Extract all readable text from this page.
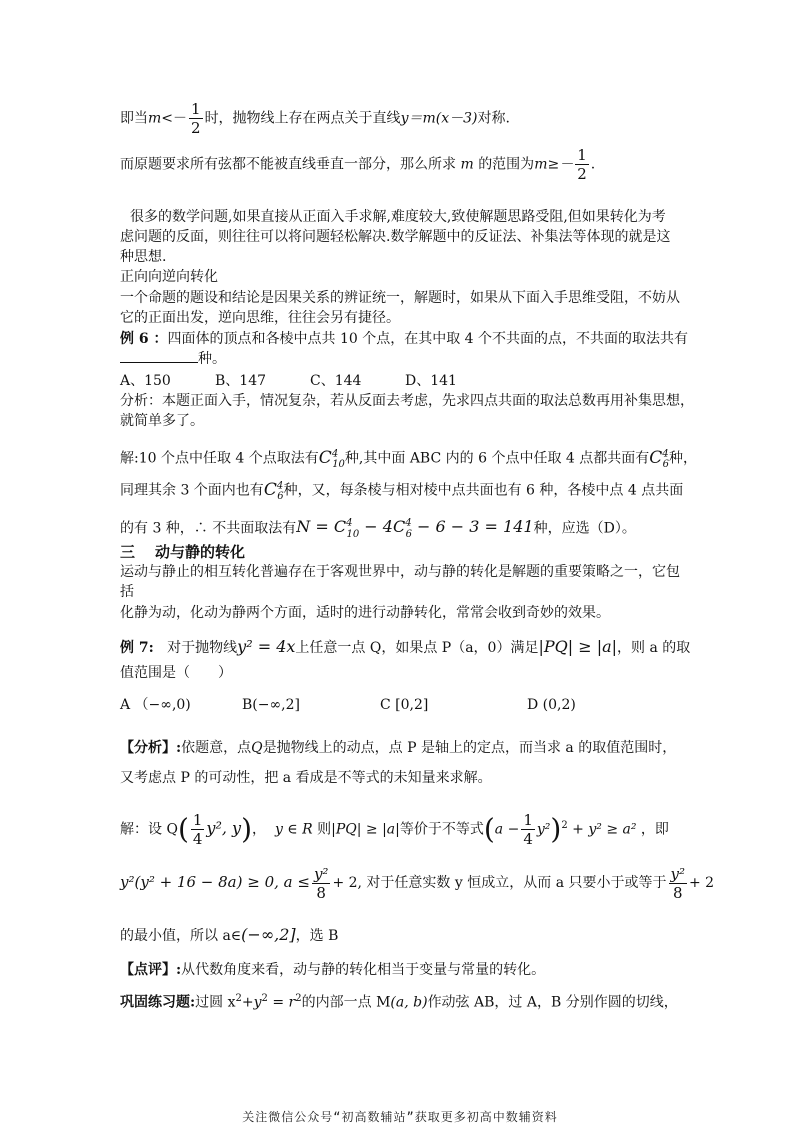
即当$m<- \frac{1}{2}$ 时，抛物线上存在两点关于直线y＝m(x－3)对称.
而原题要求所有弦都不能被直线垂直一部分，那么所求 m 的范围为$m\ge- \frac{1}{2}$ .
很多的数学问题,如果直接从正面入手求解,难度较大,致使解题思路受阻,但如果转化为考
虑问题的反面，则往往可以将问题轻松解决.数学解题中的反证法、补集法等体现的就是这
种思想.
正向向逆向转化
一个命题的题设和结论是因果关系的辨证统一，解题时，如果从下面入手思维受阻，不妨从
它的正面出发，逆向思维，往往会另有捷径。
例 6 ：四面体的顶点和各棱中点共 10 个点，在其中取 4 个不共面的点，不共面的取法共有
种。
A、150	B、147	C、144	D、141
分析：本题正面入手，情况复杂，若从反面去考虑，先求四点共面的取法总数再用补集思想，
就简单多了。
解:10 个点中任取 4 个点取法有$C^4_{10}$种,其中面 ABC 内的 6 个点中任取 4 点都共面有$C^4_6$种，
同理其余 3 个面内也有$C^4_6$种，又，每条棱与相对棱中点共面也有 6 种，各棱中点 4 点共面
的有 3 种，∴ 不共面取法有$N = C^4_{10} - 4C^4_6 - 6 - 3 = 141$种，应选（D）。
三 动与静的转化
运动与静止的相互转化普遍存在于客观世界中，动与静的转化是解题的重要策略之一，它包
括
化静为动，化动为静两个方面，适时的进行动静转化，常常会收到奇妙的效果。
例 7: 对于抛物线y² = 4x上任意一点 Q，如果点 P（a，0）满足|PQ| ≥ |a|，则 a 的取
值范围是（　　）
A （−∞,0)	B(−∞,2]	C [0,2]	D (0,2)
【分析】:依题意，点Q是抛物线上的动点，点 P 是轴上的定点，而当求 a 的取值范围时，
又考虑点 P 的可动性，把 a 看成是不等式的未知量来求解。
解：设 $Q( \frac{1}{4} y^2$, y)， y ∈ R 则|PQ| ≥ |a|等价于不等式$(a - \frac{1}{4} y^2)^2 + y^2 \ge a^2$ ，即
y²(y² + 16 − 8a) ≥ 0, $a \le \frac{\text{y²}}{8} + 2$, 对于任意实数 y 恒成立，从而 a 只要小于或等于 $\frac{\text{y²}}{8} + 2$
的最小值，所以 a∈(−∞,2]，选 B
【点评】:从代数角度来看，动与静的转化相当于变量与常量的转化。
巩固练习题:过圆 $x^2+y^2 = r^2$的内部一点 M(a, b)作动弦 AB，过 A，B 分别作圆的切线，
关注微信公众号“初高数辅站”获取更多初高中数辅资料
